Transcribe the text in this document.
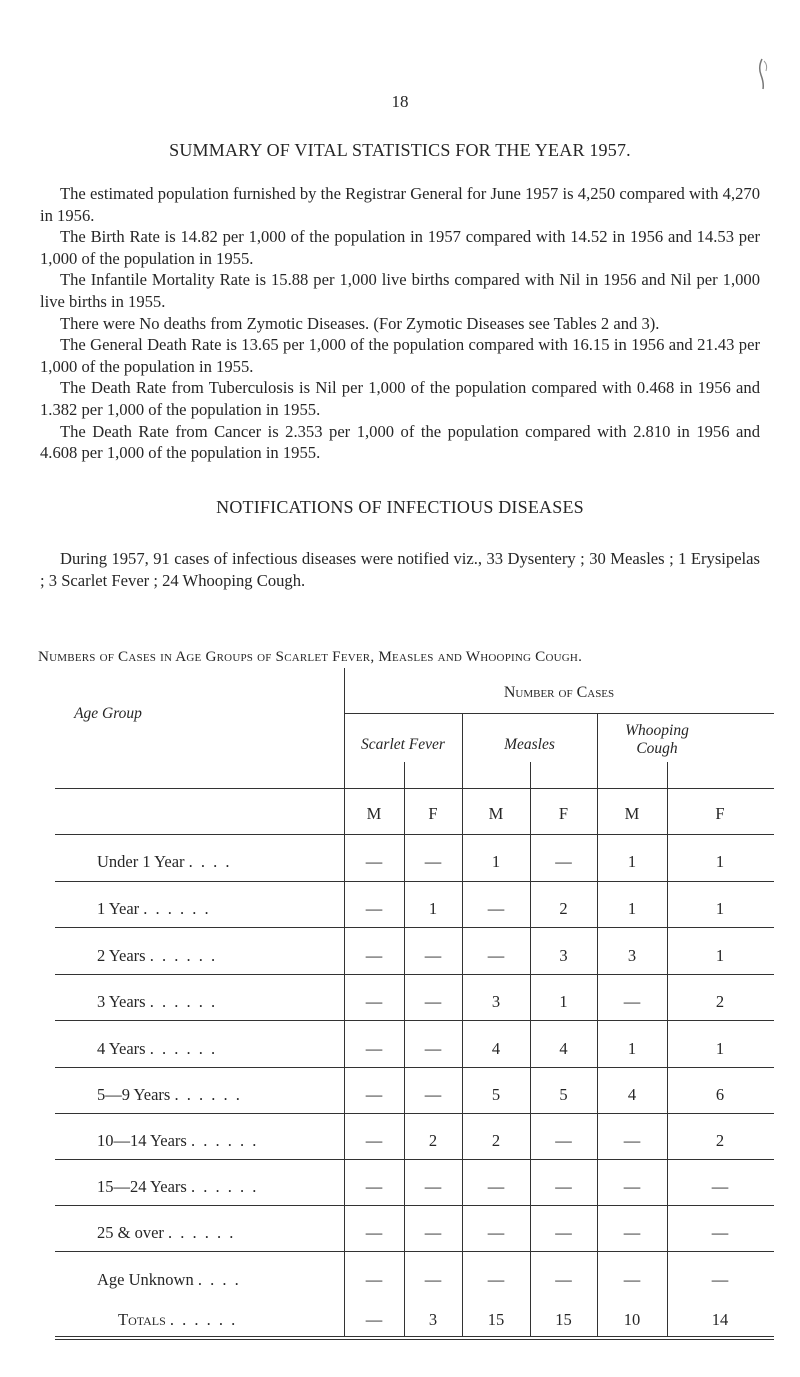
18
SUMMARY OF VITAL STATISTICS FOR THE YEAR 1957.

The estimated population furnished by the Registrar General for June 1957 is 4,250 compared with 4,270 in 1956.

The Birth Rate is 14.82 per 1,000 of the population in 1957 compared with 14.52 in 1956 and 14.53 per 1,000 of the population in 1955.

The Infantile Mortality Rate is 15.88 per 1,000 live births compared with Nil in 1956 and Nil per 1,000 live births in 1955.

There were No deaths from Zymotic Diseases. (For Zymotic Diseases see Tables 2 and 3).

The General Death Rate is 13.65 per 1,000 of the population compared with 16.15 in 1956 and 21.43 per 1,000 of the population in 1955.

The Death Rate from Tuberculosis is Nil per 1,000 of the population compared with 0.468 in 1956 and 1.382 per 1,000 of the population in 1955.

The Death Rate from Cancer is 2.353 per 1,000 of the population compared with 2.810 in 1956 and 4.608 per 1,000 of the population in 1955.

NOTIFICATIONS OF INFECTIOUS DISEASES

During 1957, 91 cases of infectious diseases were notified viz., 33 Dysentery ; 30 Measles ; 1 Erysipelas ; 3 Scarlet Fever ; 24 Whooping Cough.

Numbers of Cases in Age Groups of Scarlet Fever, Measles and Whooping Cough.
Age Group
Number of Cases
Scarlet Fever	Measles
Whooping Cough
M	F	M	F	M	F
Under 1 Year . . . .	—	—	1	—	1	1
1 Year . . . . . .	—	1	—	2	1	1
2 Years . . . . . .	—	—	—	3	3	1
3 Years . . . . . .	—	—	3	1	—	2
4 Years . . . . . .	—	—	4	4	1	1
5—9 Years . . . . . .	—	—	5	5	4	6
10—14 Years . . . . . .	—	2	2	—	—	2
15—24 Years . . . . . .	—	—	—	—	—	—
25 & over . . . . . .	—	—	—	—	—	—
Age Unknown . . . .	—	—	—	—	—	—
Totals . . . . . .	—	3	15	15	10	14
